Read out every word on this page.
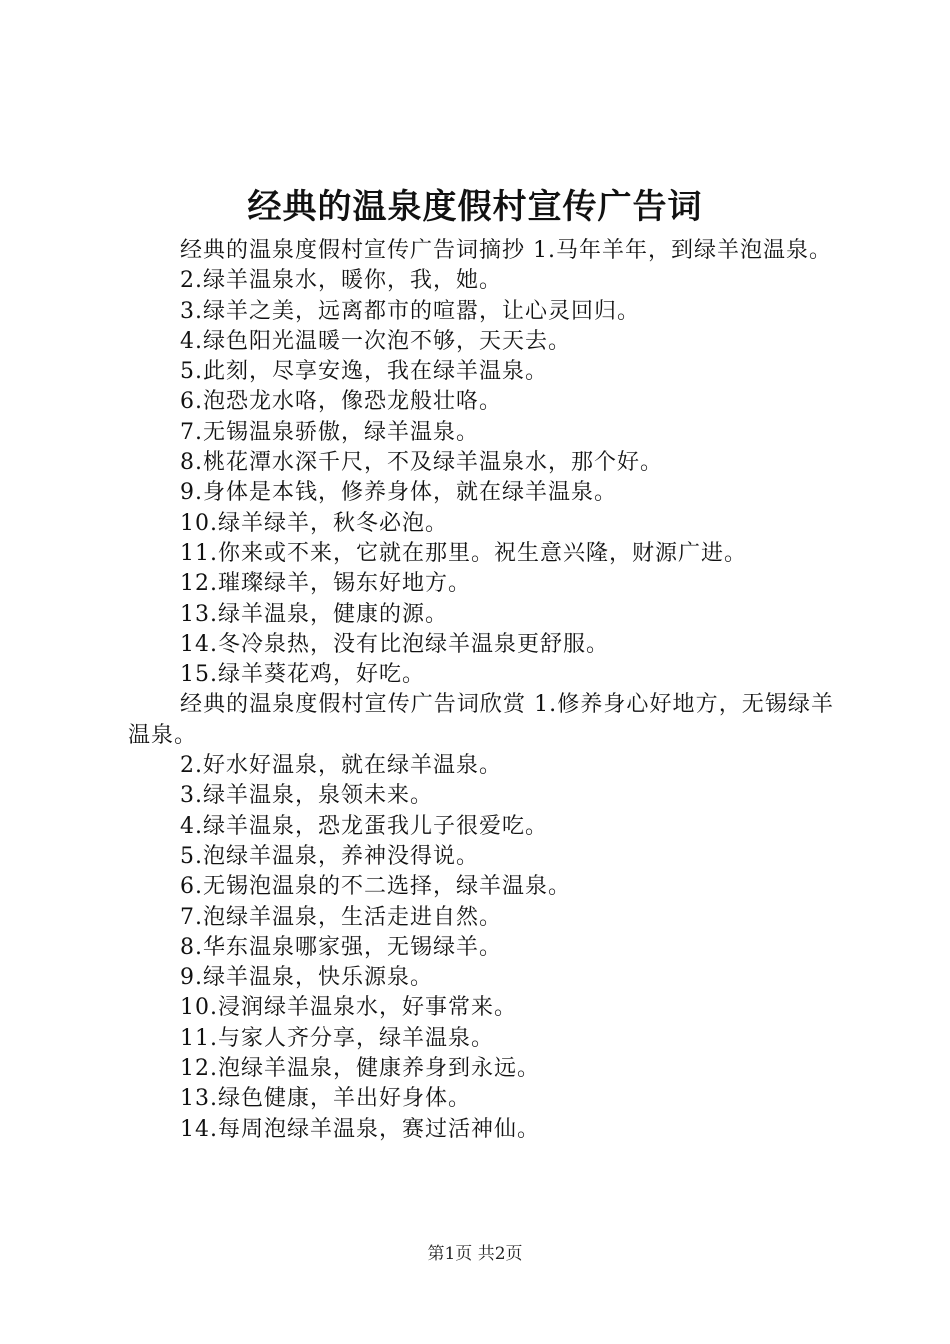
经典的温泉度假村宣传广告词

经典的温泉度假村宣传广告词摘抄 1.马年羊年，到绿羊泡温泉。

2.绿羊温泉水，暖你，我，她。

3.绿羊之美，远离都市的喧嚣，让心灵回归。

4.绿色阳光温暖一次泡不够，天天去。

5.此刻，尽享安逸，我在绿羊温泉。

6.泡恐龙水咯，像恐龙般壮咯。

7.无锡温泉骄傲，绿羊温泉。

8.桃花潭水深千尺，不及绿羊温泉水，那个好。

9.身体是本钱，修养身体，就在绿羊温泉。

10.绿羊绿羊，秋冬必泡。

11.你来或不来，它就在那里。祝生意兴隆，财源广进。

12.璀璨绿羊，锡东好地方。

13.绿羊温泉，健康的源。

14.冬冷泉热，没有比泡绿羊温泉更舒服。

15.绿羊葵花鸡，好吃。

经典的温泉度假村宣传广告词欣赏 1.修养身心好地方，无锡绿羊温泉。

2.好水好温泉，就在绿羊温泉。

3.绿羊温泉，泉领未来。

4.绿羊温泉，恐龙蛋我儿子很爱吃。

5.泡绿羊温泉，养神没得说。

6.无锡泡温泉的不二选择，绿羊温泉。

7.泡绿羊温泉，生活走进自然。

8.华东温泉哪家强，无锡绿羊。

9.绿羊温泉，快乐源泉。

10.浸润绿羊温泉水，好事常来。

11.与家人齐分享，绿羊温泉。

12.泡绿羊温泉，健康养身到永远。

13.绿色健康，羊出好身体。

14.每周泡绿羊温泉，赛过活神仙。

第1页 共2页
